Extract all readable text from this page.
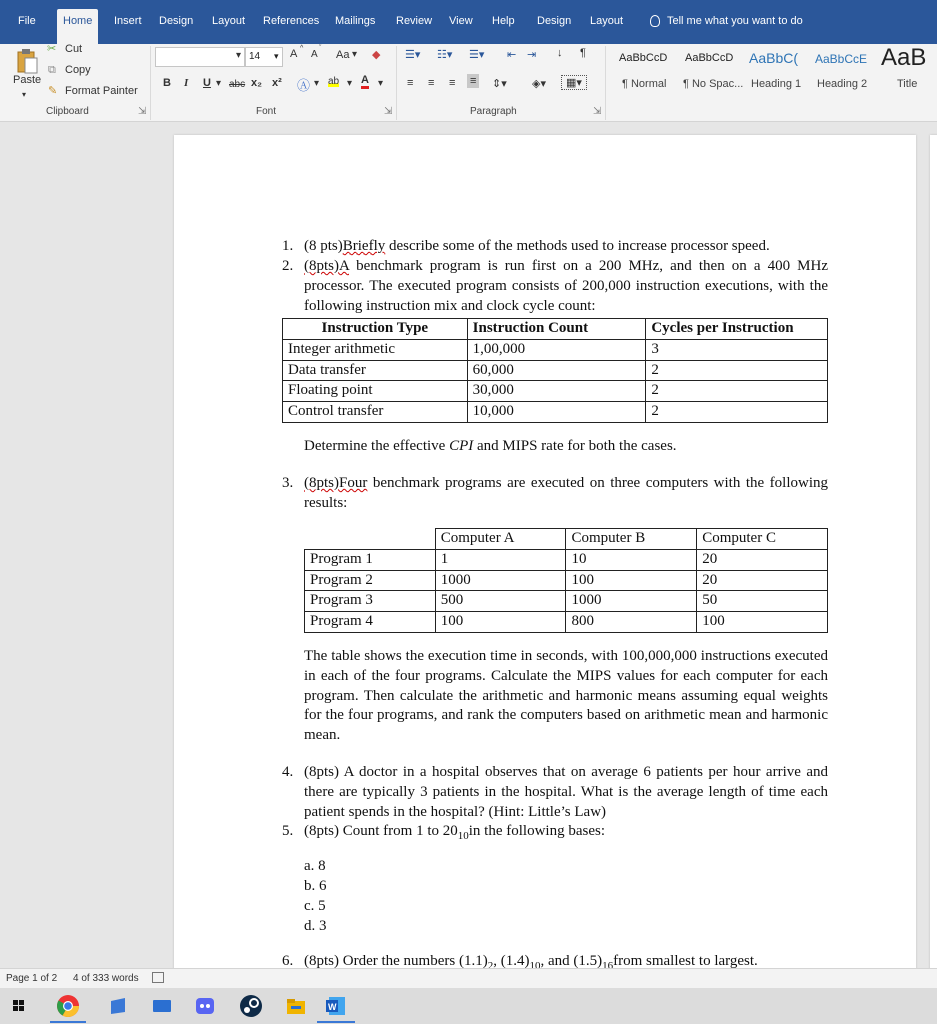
File	Home	Insert Design Layout References Mailings Review View Help Design Layout	Tell me what you want to do
Paste
▾
✂ Cut
⧉ Copy
✎ Format Painter
Clipboard	⇲
▾ 14 ▾ A ^
A
ˇ
Aa ▾ ◆
B I U ▾ abc x₂ x² Ⓐ ▾ ab ▾ A ▾
Font	⇲
☰▾ ☷▾ ☰▾ ⇤ ⇥ ↓ ¶
≡ ≡ ≡ ≡ ⇕▾ ◈▾	▦▾
Paragraph	⇲
AaBbCcD
¶ Normal
AaBbCcD
¶ No Spac...
AaBbC(
Heading 1
AaBbCcE
Heading 2
AaB
Title
1. (8 pts)Briefly describe some of the methods used to increase processor speed.
2. (8pts)A benchmark program is run first on a 200 MHz, and then on a 400 MHz processor. The executed program consists of 200,000 instruction executions, with the following instruction mix and clock cycle count:
Instruction Type	Instruction Count	Cycles per Instruction
Integer arithmetic	1,00,000	3
Data transfer	60,000	2
Floating point	30,000	2
Control transfer	10,000	2
Determine the effective CPI and MIPS rate for both the cases.
3. (8pts)Four benchmark programs are executed on three computers with the following results:
	Computer A	Computer B	Computer C
Program 1	1	10	20
Program 2	1000	100	20
Program 3	500	1000	50
Program 4	100	800	100
The table shows the execution time in seconds, with 100,000,000 instructions executed in each of the four programs. Calculate the MIPS values for each computer for each program. Then calculate the arithmetic and harmonic means assuming equal weights for the four programs, and rank the computers based on arithmetic mean and harmonic mean.
4. (8pts) A doctor in a hospital observes that on average 6 patients per hour arrive and there are typically 3 patients in the hospital. What is the average length of time each patient spends in the hospital? (Hint: Little’s Law)
5. (8pts) Count from 1 to $20_{10}in$ the following bases:
a. 8
b. 6
c. 5
d. 3
6. (8pts) Order the numbers $(1.1)_2$, $(1.4)_{10}$, and $(1.5)_{16}from$ smallest to largest.
Page 1 of 2 4 of 333 words
W
